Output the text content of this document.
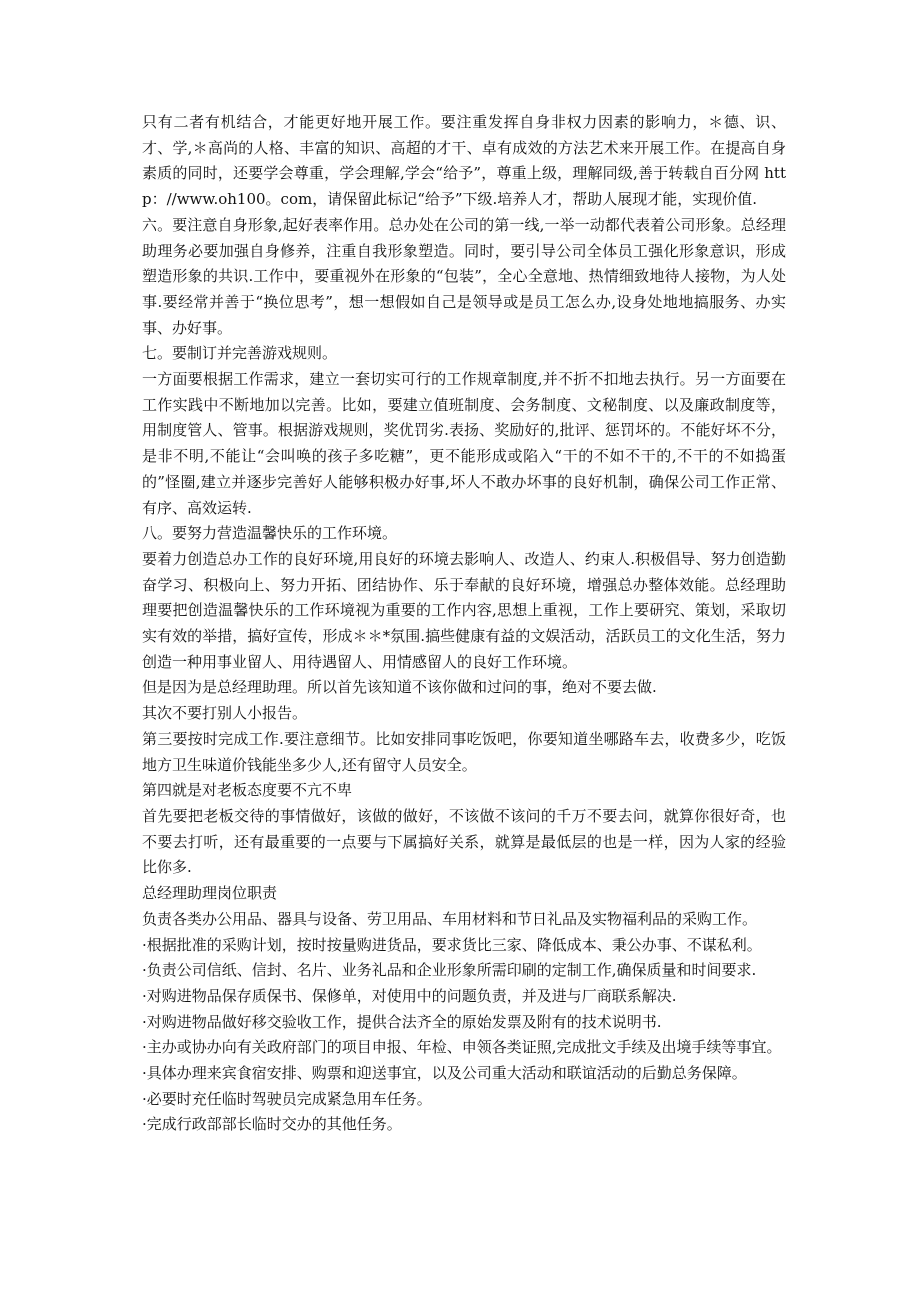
只有二者有机结合，才能更好地开展工作。要注重发挥自身非权力因素的影响力，＊德、识、才、学,＊高尚的人格、丰富的知识、高超的才干、卓有成效的方法艺术来开展工作。在提高自身素质的同时，还要学会尊重，学会理解,学会“给予”，尊重上级，理解同级,善于转载自百分网 http：//www.oh100。com，请保留此标记“给予”下级.培养人才，帮助人展现才能，实现价值.

六。要注意自身形象,起好表率作用。总办处在公司的第一线,一举一动都代表着公司形象。总经理助理务必要加强自身修养，注重自我形象塑造。同时，要引导公司全体员工强化形象意识，形成塑造形象的共识.工作中，要重视外在形象的“包装”，全心全意地、热情细致地待人接物，为人处事.要经常并善于“换位思考”，想一想假如自己是领导或是员工怎么办,设身处地地搞服务、办实事、办好事。

七。要制订并完善游戏规则。

一方面要根据工作需求，建立一套切实可行的工作规章制度,并不折不扣地去执行。另一方面要在工作实践中不断地加以完善。比如，要建立值班制度、会务制度、文秘制度、以及廉政制度等，用制度管人、管事。根据游戏规则，奖优罚劣.表扬、奖励好的,批评、惩罚坏的。不能好坏不分，是非不明,不能让“会叫唤的孩子多吃糖”，更不能形成或陷入“干的不如不干的,不干的不如捣蛋的”怪圈,建立并逐步完善好人能够积极办好事,坏人不敢办坏事的良好机制，确保公司工作正常、有序、高效运转.

八。要努力营造温馨快乐的工作环境。

要着力创造总办工作的良好环境,用良好的环境去影响人、改造人、约束人.积极倡导、努力创造勤奋学习、积极向上、努力开拓、团结协作、乐于奉献的良好环境，增强总办整体效能。总经理助理要把创造温馨快乐的工作环境视为重要的工作内容,思想上重视，工作上要研究、策划，采取切实有效的举措，搞好宣传，形成＊＊*氛围.搞些健康有益的文娱活动，活跃员工的文化生活，努力创造一种用事业留人、用待遇留人、用情感留人的良好工作环境。

但是因为是总经理助理。所以首先该知道不该你做和过问的事，绝对不要去做.

其次不要打别人小报告。

第三要按时完成工作.要注意细节。比如安排同事吃饭吧，你要知道坐哪路车去，收费多少，吃饭地方卫生味道价钱能坐多少人,还有留守人员安全。

第四就是对老板态度要不亢不卑

首先要把老板交待的事情做好，该做的做好，不该做不该问的千万不要去问，就算你很好奇，也不要去打听，还有最重要的一点要与下属搞好关系，就算是最低层的也是一样，因为人家的经验比你多.

总经理助理岗位职责

负责各类办公用品、器具与设备、劳卫用品、车用材料和节日礼品及实物福利品的采购工作。

·根据批准的采购计划，按时按量购进货品，要求货比三家、降低成本、秉公办事、不谋私利。

·负责公司信纸、信封、名片、业务礼品和企业形象所需印刷的定制工作,确保质量和时间要求.

·对购进物品保存质保书、保修单，对使用中的问题负责，并及进与厂商联系解决.

·对购进物品做好移交验收工作，提供合法齐全的原始发票及附有的技术说明书.

·主办或协办向有关政府部门的项目申报、年检、申领各类证照,完成批文手续及出境手续等事宜。

·具体办理来宾食宿安排、购票和迎送事宜，以及公司重大活动和联谊活动的后勤总务保障。

·必要时充任临时驾驶员完成紧急用车任务。

·完成行政部部长临时交办的其他任务。
